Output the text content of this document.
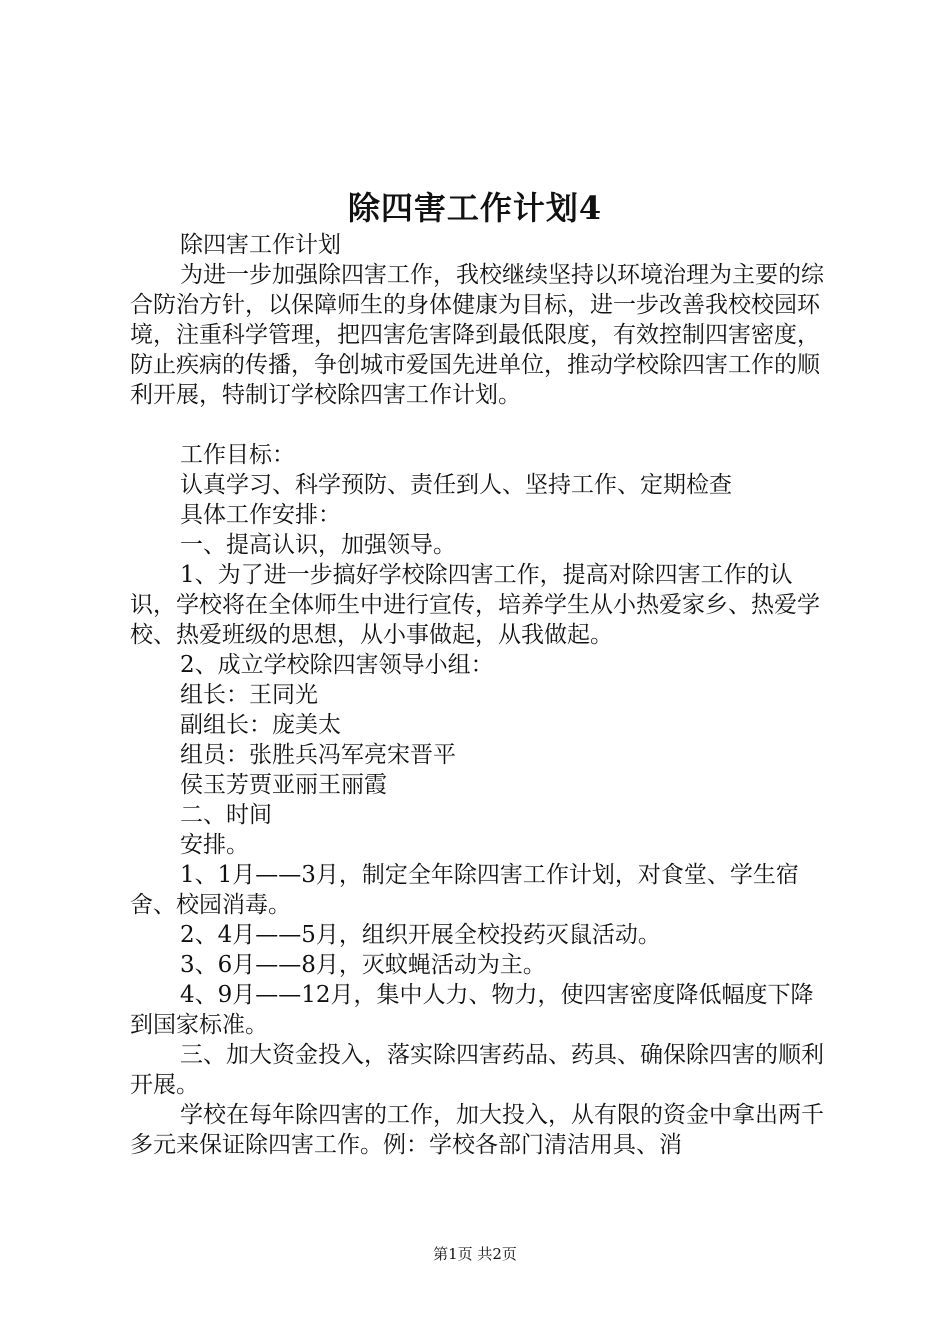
除四害工作计划4

除四害工作计划

为进一步加强除四害工作，我校继续坚持以环境治理为主要的综合防治方针，以保障师生的身体健康为目标，进一步改善我校校园环境，注重科学管理，把四害危害降到最低限度，有效控制四害密度，防止疾病的传播，争创城市爱国先进单位，推动学校除四害工作的顺利开展，特制订学校除四害工作计划。

工作目标：

认真学习、科学预防、责任到人、坚持工作、定期检查

具体工作安排：

一、提高认识，加强领导。

1、为了进一步搞好学校除四害工作，提高对除四害工作的认识，学校将在全体师生中进行宣传，培养学生从小热爱家乡、热爱学校、热爱班级的思想，从小事做起，从我做起。

2、成立学校除四害领导小组：

组长：王同光

副组长：庞美太

组员：张胜兵冯军亮宋晋平

侯玉芳贾亚丽王丽霞

二、时间

安排。

1、1月——3月，制定全年除四害工作计划，对食堂、学生宿舍、校园消毒。

2、4月——5月，组织开展全校投药灭鼠活动。

3、6月——8月，灭蚊蝇活动为主。

4、9月——12月，集中人力、物力，使四害密度降低幅度下降到国家标准。

三、加大资金投入，落实除四害药品、药具、确保除四害的顺利开展。

学校在每年除四害的工作，加大投入，从有限的资金中拿出两千多元来保证除四害工作。例：学校各部门清洁用具、消

第1页 共2页
